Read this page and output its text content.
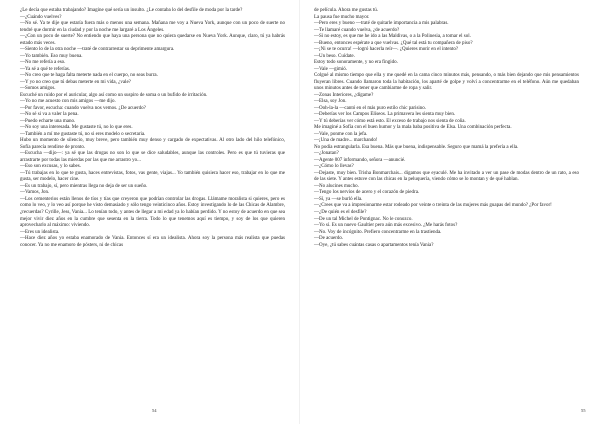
¿Le decía que estaba trabajando? Imagine qué sería un insulto. ¿Le contaba lo del desfile de moda por la tarde?

—¿Cuándo vuelves?

—No sé. Ya te dije que estaría fuera más o menos una semana. Mañana me voy a Nueva York, aunque con un poco de suerte no tendré que dormir en la ciudad y por la noche me largaré a Los Ángeles.

—¿Con un poco de suerte? No entiendo que haya una persona que no quiera quedarse en Nueva York. Aunque, claro, tú ya habrás estado más veces.

—Siento lo de la otra noche —traté de contrarrestar su deprimente amargura.

—Yo también. Eso muy buena.

—No me refería a eso.

—Ya sé a qué te referías.

—No creo que te haga falta meterte nada en el cuerpo, no seas burra.

—Y yo no creo que tú debas meterte en mi vida, ¿vale?

—Somos amigos.

Escuché un ruido por el auricular, algo así como un suspiro de soma o un bufido de irritación.

—Yo no me acuesto con mis amigos —me dijo.

—Por favor, escucha: cuando vuelva nos vemos. ¿De acuerdo?

—No sé si va a valer la pena.

—Puedo echarte una mano.

—No soy una interesada. Me gustaste tú, no lo que eres.

—También a mí me gustaste tú, no si eres modelo o secretaria.

Hubo un momento de silencio, muy breve, pero también muy denso y cargado de expectativas. Al otro lado del hilo telefónico, Sofía parecía rendirse de pronto.

—Escucha —dijo—: ya sé que las drogas no son lo que se dice saludables, aunque las controles. Pero es que tú tuvieras que arrastrarte por todas las mierdas por las que me arrastro yo...

—Eso son excusas, y lo sabes.

—Tú trabajas en lo que te gusta, haces entrevistas, fotos, vas gente, viajas... Yo también quisiera hacer eso, trabajar en lo que me gusta, ser modelo, hacer cine.

—Es un trabajo, sí, pero mientras llega no deja de ser un sueño.

—Vamos, Jon.

—Los cementerios están llenos de tíos y tías que creyeron que podrían controlar las drogas. Llámame moralista si quieres, pero es como lo veo, y lo veo así porque he visto demasiado y sólo tengo veinticinco años. Estoy investigando lo de las Chicas de Alambre, ¿recuerdas? Cyrille, Jess, Vania... Lo tenían todo, y antes de llegar a mi edad ya lo habían perdido. Y no estoy de acuerdo en que sea mejor vivir diez años en la cumbre que sesenta en la tierra. Todo lo que tenemos aquí es tiempo, y soy de los que quieren aprovecharlo al máximo: viviendo.

—Eres un idealista.

—Hace diez años yo estaba enamorado de Vania. Entonces sí era un idealista. Ahora soy la persona más realista que puedas conocer. Ya no me enamoro de pósters, ni de chicas

54

de película. Ahora me gustas tú.

La pausa fue mucho mayor.

—Pero eres y bueno —traté de quitarle importancia a mis palabras.

—Te llamaré cuando vuelva, ¿de acuerdo?

—Si no estoy, es que me he ido a las Maldivas, o a la Polinesia, a tomar el sol.

—Bueno, entonces espérate a que vuelvas. ¿Qué tal está tu compañera de piso?

—¡Ni se te ocurra! —logró hacerla reír—. ¿Quieres morir en el intento?

—Un beso. Cuídate.

Estoy todo sonoramente, y no era fingido.

—Vale —gimió.

Colgué al mismo tiempo que ella y me quedé en la cama cinco minutos más, pensando, o más bien dejando que mis pensamientos fluyeran libres. Cuando llamaron toda la habitación, los aparté de golpe y volví a concentrarme en el teléfono. Aún me quedaban unos minutos antes de tener que cambiarme de ropa y salir.

—Zonas Interiores, ¿dígame?

—Elsa, soy Jon.

—Ooh-la-la —cantó en el más puro estilo chic parisino.

—Deberías ver los Campos Elíseos. La primavera les sienta muy bien.

—Y tú deberías ver cómo está esto. El exceso de trabajo nos sienta de coña.

Me imaginé a Sofía con el buen humor y la mala baba positiva de Elsa. Una combinación perfecta.

—Vale, ponme con la jefa.

—¡Una de madre... marchando!

No podía estrangularla. Esa buena. Más que buena, indispensable. Seguro que mamá la prefería a ella.

—¿Jonatan?

—Agente 007 informando, señora —anuncié.

—¿Cómo lo llevas?

—Dejaste, muy bien. Trisha Bonmarchais... digamos que eyaculé. Me ha invitado a ver un pase de modas dentro de un rato, a eso de las siete. Y antes estuve con las chicas en la peluquería, viendo cómo se lo montan y de qué hablan.

—No alucines mucho.

—Tengo los nervios de acero y el corazón de piedra.

—Sí, ya —se burló ella.

—¿Crees que va a impresionarme estar rodeado por veinte o treinta de las mujeres más guapas del mundo? ¿Por favor!

—¿De quién es el desfile?

—De un tal Michel de Pontignac. No le conozco.

—Yo sí. Es un nuevo Gaultier pero aún más excesivo. ¿Me harás fotos?

—No. Voy de incógnito. Prefiero concentrarme en la trastienda.

—De acuerdo.

—Oye, ¿tú sabes cuántas casas o apartamentos tenía Vania?

55
